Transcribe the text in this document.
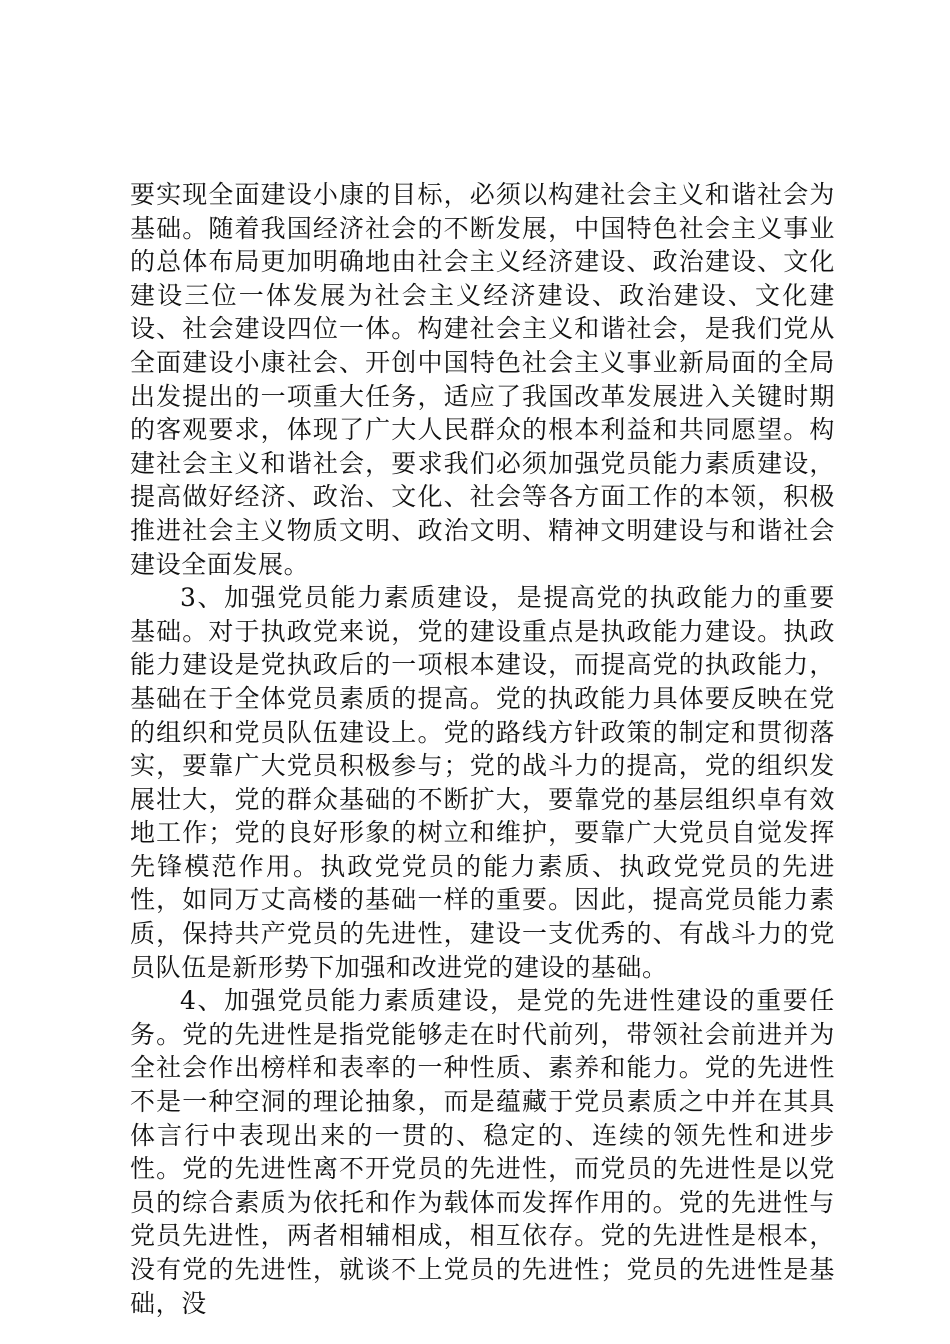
要实现全面建设小康的目标，必须以构建社会主义和谐社会为基础。随着我国经济社会的不断发展，中国特色社会主义事业的总体布局更加明确地由社会主义经济建设、政治建设、文化建设三位一体发展为社会主义经济建设、政治建设、文化建设、社会建设四位一体。构建社会主义和谐社会，是我们党从全面建设小康社会、开创中国特色社会主义事业新局面的全局出发提出的一项重大任务，适应了我国改革发展进入关键时期的客观要求，体现了广大人民群众的根本利益和共同愿望。构建社会主义和谐社会，要求我们必须加强党员能力素质建设，提高做好经济、政治、文化、社会等各方面工作的本领，积极推进社会主义物质文明、政治文明、精神文明建设与和谐社会建设全面发展。

3、加强党员能力素质建设，是提高党的执政能力的重要基础。对于执政党来说，党的建设重点是执政能力建设。执政能力建设是党执政后的一项根本建设，而提高党的执政能力，基础在于全体党员素质的提高。党的执政能力具体要反映在党的组织和党员队伍建设上。党的路线方针政策的制定和贯彻落实，要靠广大党员积极参与；党的战斗力的提高，党的组织发展壮大，党的群众基础的不断扩大，要靠党的基层组织卓有效地工作；党的良好形象的树立和维护，要靠广大党员自觉发挥先锋模范作用。执政党党员的能力素质、执政党党员的先进性，如同万丈高楼的基础一样的重要。因此，提高党员能力素质，保持共产党员的先进性，建设一支优秀的、有战斗力的党员队伍是新形势下加强和改进党的建设的基础。

4、加强党员能力素质建设，是党的先进性建设的重要任务。党的先进性是指党能够走在时代前列，带领社会前进并为全社会作出榜样和表率的一种性质、素养和能力。党的先进性不是一种空洞的理论抽象，而是蕴藏于党员素质之中并在其具体言行中表现出来的一贯的、稳定的、连续的领先性和进步性。党的先进性离不开党员的先进性，而党员的先进性是以党员的综合素质为依托和作为载体而发挥作用的。党的先进性与党员先进性，两者相辅相成，相互依存。党的先进性是根本，没有党的先进性，就谈不上党员的先进性；党员的先进性是基础，没
